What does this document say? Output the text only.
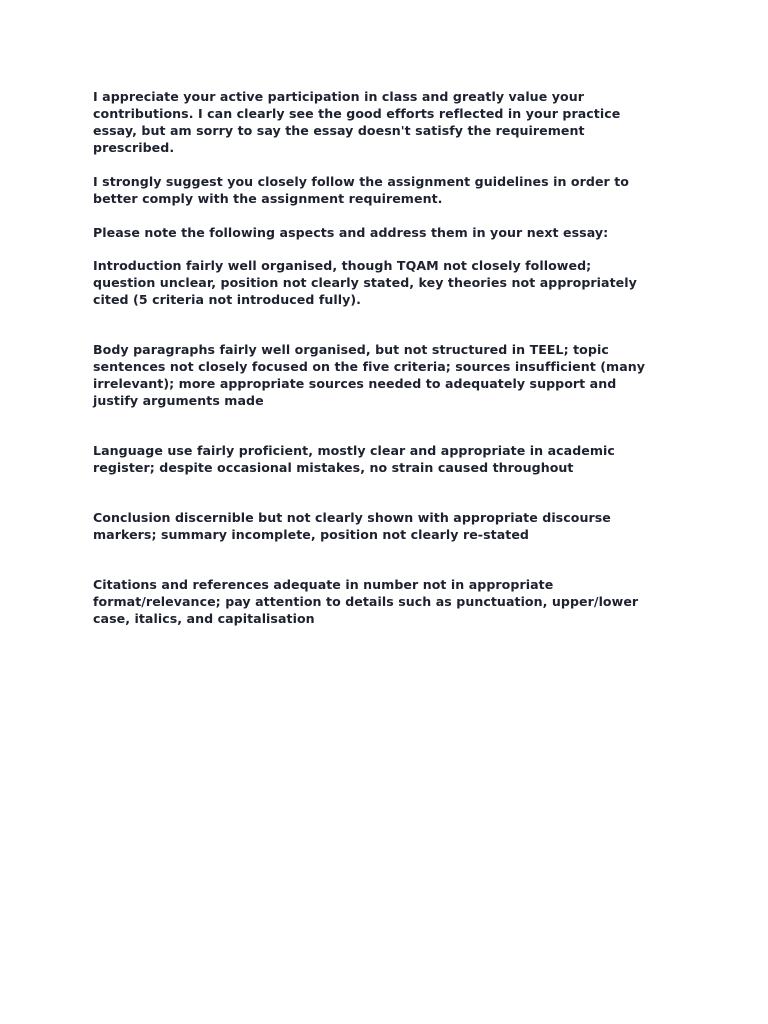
I appreciate your active participation in class and greatly value your
contributions. I can clearly see the good efforts reflected in your practice
essay, but am sorry to say the essay doesn't satisfy the requirement
prescribed.

I strongly suggest you closely follow the assignment guidelines in order to
better comply with the assignment requirement.

Please note the following aspects and address them in your next essay:

Introduction fairly well organised, though TQAM not closely followed;
question unclear, position not clearly stated, key theories not appropriately
cited (5 criteria not introduced fully).

Body paragraphs fairly well organised, but not structured in TEEL; topic
sentences not closely focused on the five criteria; sources insufficient (many
irrelevant); more appropriate sources needed to adequately support and
justify arguments made

Language use fairly proficient, mostly clear and appropriate in academic
register; despite occasional mistakes, no strain caused throughout

Conclusion discernible but not clearly shown with appropriate discourse
markers; summary incomplete, position not clearly re-stated

Citations and references adequate in number not in appropriate
format/relevance; pay attention to details such as punctuation, upper/lower
case, italics, and capitalisation
